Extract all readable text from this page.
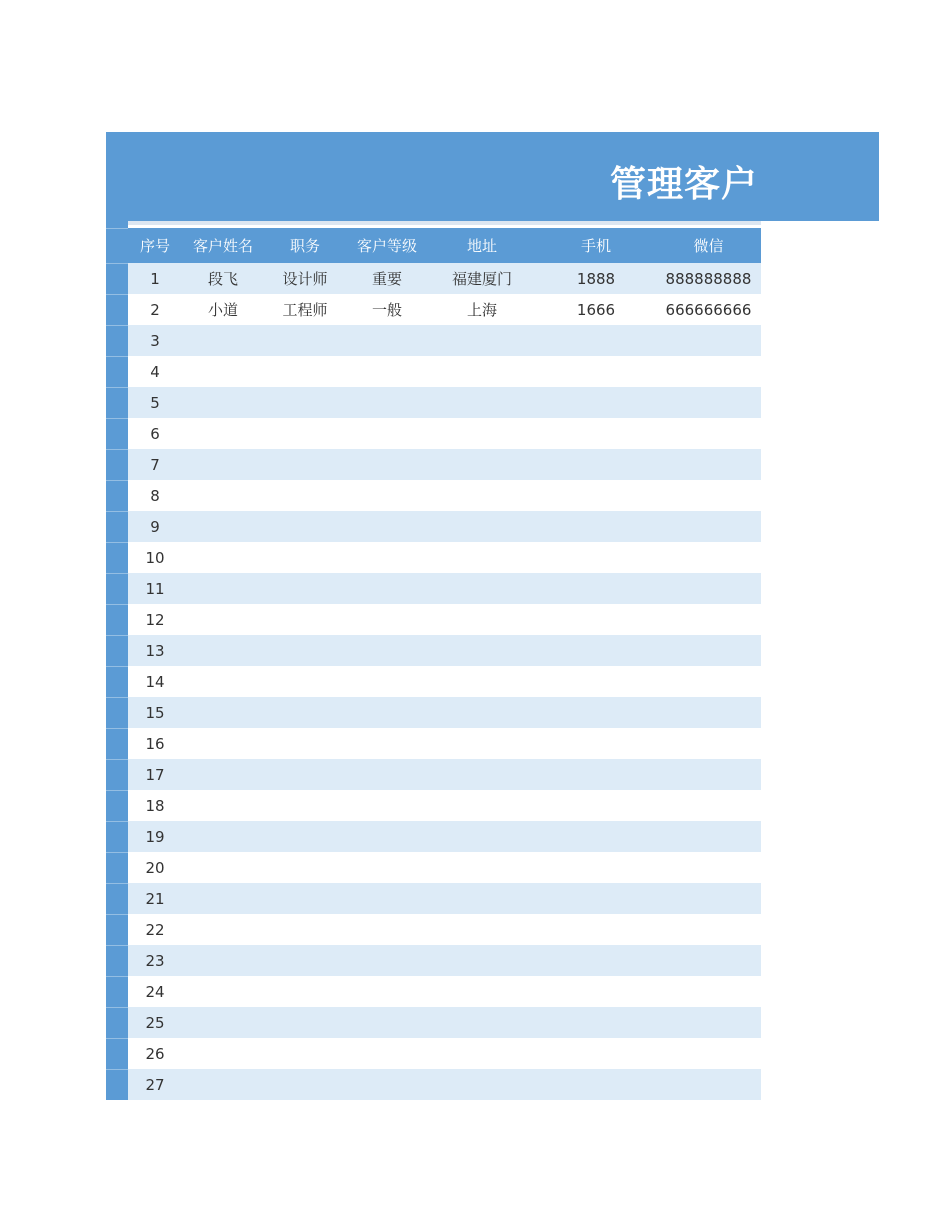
管理客户
序号	客户姓名	职务	客户等级	地址	手机	微信
1	段飞	设计师	重要	福建厦门	1888	888888888
2	小道	工程师	一般	上海	1666	666666666
3
4
5
6
7
8
9
10
11
12
13
14
15
16
17
18
19
20
21
22
23
24
25
26
27
